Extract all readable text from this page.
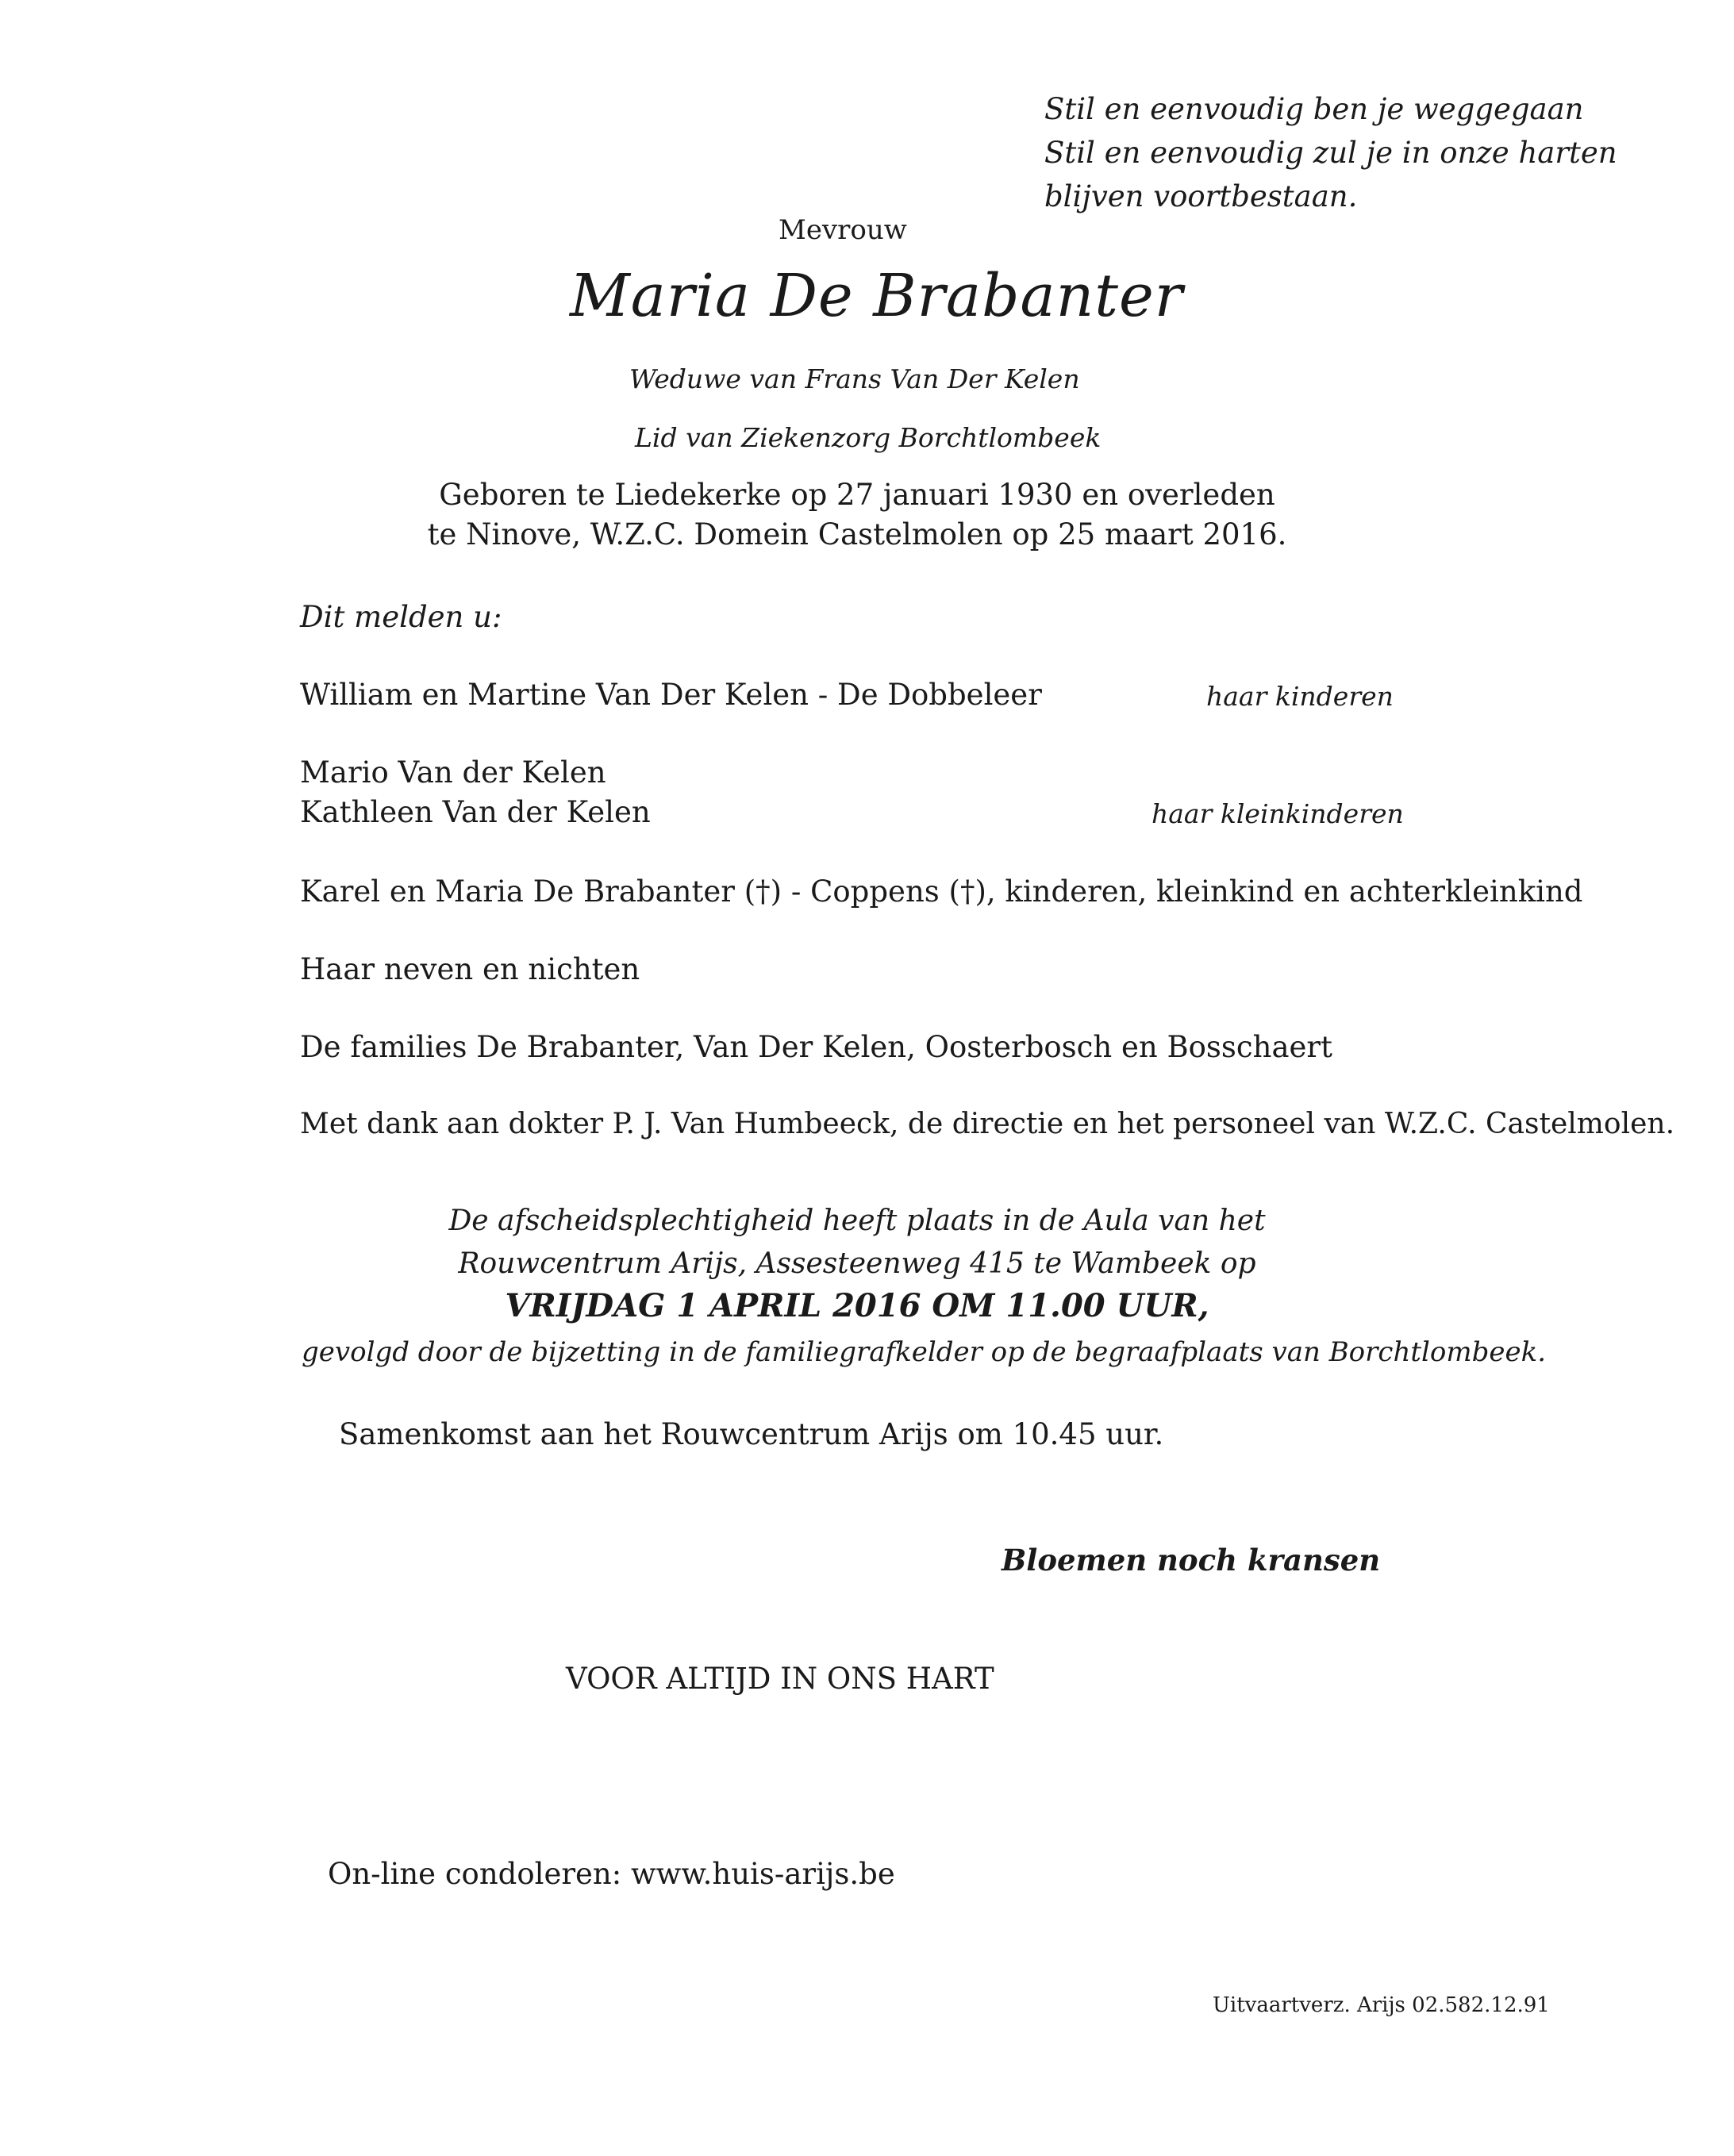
Stil en eenvoudig ben je weggegaan
Stil en eenvoudig zul je in onze harten
blijven voortbestaan.
Mevrouw
Maria De Brabanter
Weduwe van Frans Van Der Kelen
Lid van Ziekenzorg Borchtlombeek
Geboren te Liedekerke op 27 januari 1930 en overleden
te Ninove, W.Z.C. Domein Castelmolen op 25 maart 2016.
Dit melden u:
William en Martine Van Der Kelen - De Dobbeleer	haar kinderen
Mario Van der Kelen
Kathleen Van der Kelen	haar kleinkinderen
Karel en Maria De Brabanter (†) - Coppens (†), kinderen, kleinkind en achterkleinkind
Haar neven en nichten
De families De Brabanter, Van Der Kelen, Oosterbosch en Bosschaert
Met dank aan dokter P. J. Van Humbeeck, de directie en het personeel van W.Z.C. Castelmolen.
De afscheidsplechtigheid heeft plaats in de Aula van het
Rouwcentrum Arijs, Assesteenweg 415 te Wambeek op
VRIJDAG 1 APRIL 2016 OM 11.00 UUR,
gevolgd door de bijzetting in de familiegrafkelder op de begraafplaats van Borchtlombeek.
Samenkomst aan het Rouwcentrum Arijs om 10.45 uur.
Bloemen noch kransen
VOOR ALTIJD IN ONS HART
On-line condoleren: www.huis-arijs.be
Uitvaartverz. Arijs 02.582.12.91
